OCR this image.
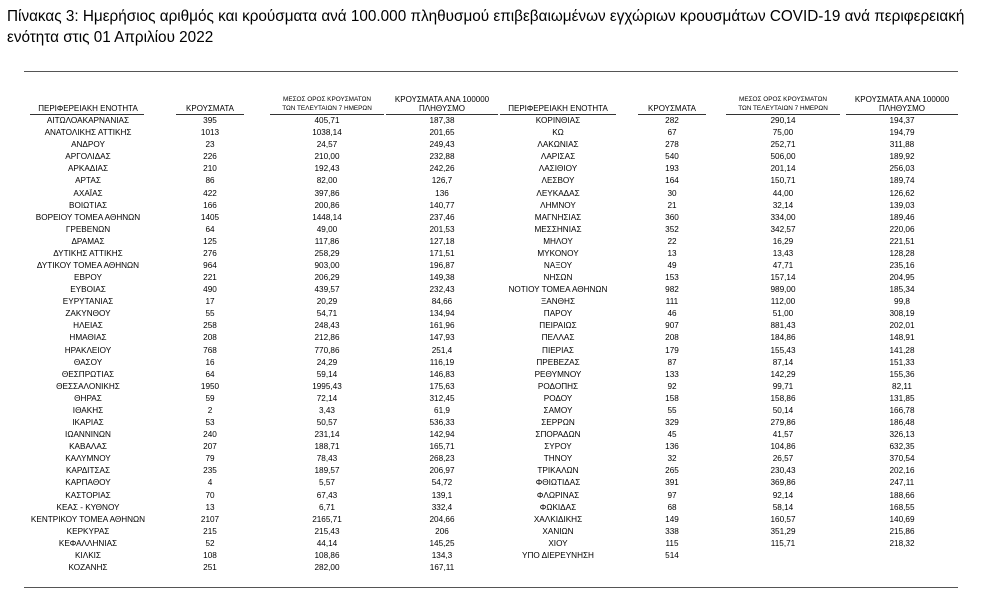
Πίνακας 3: Ημερήσιος αριθμός και κρούσματα ανά 100.000 πληθυσμού επιβεβαιωμένων εγχώριων κρουσμάτων COVID-19 ανά περιφερειακή ενότητα στις 01 Απριλίου 2022
ΠΕΡΙΦΕΡΕΙΑΚΗ ΕΝΟΤΗΤΑ	ΚΡΟΥΣΜΑΤΑ
ΜΕΣΟΣ ΟΡΟΣ ΚΡΟΥΣΜΑΤΩΝ
ΤΩΝ ΤΕΛΕΥΤΑΙΩΝ 7 ΗΜΕΡΩΝ
ΚΡΟΥΣΜΑΤΑ ΑΝΑ 100000
ΠΛΗΘΥΣΜΟ	ΠΕΡΙΦΕΡΕΙΑΚΗ ΕΝΟΤΗΤΑ	ΚΡΟΥΣΜΑΤΑ
ΜΕΣΟΣ ΟΡΟΣ ΚΡΟΥΣΜΑΤΩΝ
ΤΩΝ ΤΕΛΕΥΤΑΙΩΝ 7 ΗΜΕΡΩΝ
ΚΡΟΥΣΜΑΤΑ ΑΝΑ 100000
ΠΛΗΘΥΣΜΟ
ΑΙΤΩΛΟΑΚΑΡΝΑΝΙΑΣ	395	405,71	187,38
ΑΝΑΤΟΛΙΚΗΣ ΑΤΤΙΚΗΣ	1013	1038,14	201,65
ΑΝΔΡΟΥ	23	24,57	249,43
ΑΡΓΟΛΙΔΑΣ	226	210,00	232,88
ΑΡΚΑΔΙΑΣ	210	192,43	242,26
ΑΡΤΑΣ	86	82,00	126,7
ΑΧΑΪΑΣ	422	397,86	136
ΒΟΙΩΤΙΑΣ	166	200,86	140,77
ΒΟΡΕΙΟΥ ΤΟΜΕΑ ΑΘΗΝΩΝ	1405	1448,14	237,46
ΓΡΕΒΕΝΩΝ	64	49,00	201,53
ΔΡΑΜΑΣ	125	117,86	127,18
ΔΥΤΙΚΗΣ ΑΤΤΙΚΗΣ	276	258,29	171,51
ΔΥΤΙΚΟΥ ΤΟΜΕΑ ΑΘΗΝΩΝ	964	903,00	196,87
ΕΒΡΟΥ	221	206,29	149,38
ΕΥΒΟΙΑΣ	490	439,57	232,43
ΕΥΡΥΤΑΝΙΑΣ	17	20,29	84,66
ΖΑΚΥΝΘΟΥ	55	54,71	134,94
ΗΛΕΙΑΣ	258	248,43	161,96
ΗΜΑΘΙΑΣ	208	212,86	147,93
ΗΡΑΚΛΕΙΟΥ	768	770,86	251,4
ΘΑΣΟΥ	16	24,29	116,19
ΘΕΣΠΡΩΤΙΑΣ	64	59,14	146,83
ΘΕΣΣΑΛΟΝΙΚΗΣ	1950	1995,43	175,63
ΘΗΡΑΣ	59	72,14	312,45
ΙΘΑΚΗΣ	2	3,43	61,9
ΙΚΑΡΙΑΣ	53	50,57	536,33
ΙΩΑΝΝΙΝΩΝ	240	231,14	142,94
ΚΑΒΑΛΑΣ	207	188,71	165,71
ΚΑΛΥΜΝΟΥ	79	78,43	268,23
ΚΑΡΔΙΤΣΑΣ	235	189,57	206,97
ΚΑΡΠΑΘΟΥ	4	5,57	54,72
ΚΑΣΤΟΡΙΑΣ	70	67,43	139,1
ΚΕΑΣ - ΚΥΘΝΟΥ	13	6,71	332,4
ΚΕΝΤΡΙΚΟΥ ΤΟΜΕΑ ΑΘΗΝΩΝ	2107	2165,71	204,66
ΚΕΡΚΥΡΑΣ	215	215,43	206
ΚΕΦΑΛΛΗΝΙΑΣ	52	44,14	145,25
ΚΙΛΚΙΣ	108	108,86	134,3
ΚΟΖΑΝΗΣ	251	282,00	167,11
ΚΟΡΙΝΘΙΑΣ	282	290,14	194,37
ΚΩ	67	75,00	194,79
ΛΑΚΩΝΙΑΣ	278	252,71	311,88
ΛΑΡΙΣΑΣ	540	506,00	189,92
ΛΑΣΙΘΙΟΥ	193	201,14	256,03
ΛΕΣΒΟΥ	164	150,71	189,74
ΛΕΥΚΑΔΑΣ	30	44,00	126,62
ΛΗΜΝΟΥ	21	32,14	139,03
ΜΑΓΝΗΣΙΑΣ	360	334,00	189,46
ΜΕΣΣΗΝΙΑΣ	352	342,57	220,06
ΜΗΛΟΥ	22	16,29	221,51
ΜΥΚΟΝΟΥ	13	13,43	128,28
ΝΑΞΟΥ	49	47,71	235,16
ΝΗΣΩΝ	153	157,14	204,95
ΝΟΤΙΟΥ ΤΟΜΕΑ ΑΘΗΝΩΝ	982	989,00	185,34
ΞΑΝΘΗΣ	111	112,00	99,8
ΠΑΡΟΥ	46	51,00	308,19
ΠΕΙΡΑΙΩΣ	907	881,43	202,01
ΠΕΛΛΑΣ	208	184,86	148,91
ΠΙΕΡΙΑΣ	179	155,43	141,28
ΠΡΕΒΕΖΑΣ	87	87,14	151,33
ΡΕΘΥΜΝΟΥ	133	142,29	155,36
ΡΟΔΟΠΗΣ	92	99,71	82,11
ΡΟΔΟΥ	158	158,86	131,85
ΣΑΜΟΥ	55	50,14	166,78
ΣΕΡΡΩΝ	329	279,86	186,48
ΣΠΟΡΑΔΩΝ	45	41,57	326,13
ΣΥΡΟΥ	136	104,86	632,35
ΤΗΝΟΥ	32	26,57	370,54
ΤΡΙΚΑΛΩΝ	265	230,43	202,16
ΦΘΙΩΤΙΔΑΣ	391	369,86	247,11
ΦΛΩΡΙΝΑΣ	97	92,14	188,66
ΦΩΚΙΔΑΣ	68	58,14	168,55
ΧΑΛΚΙΔΙΚΗΣ	149	160,57	140,69
ΧΑΝΙΩΝ	338	351,29	215,86
ΧΙΟΥ	115	115,71	218,32
ΥΠΟ ΔΙΕΡΕΥΝΗΣΗ	514
